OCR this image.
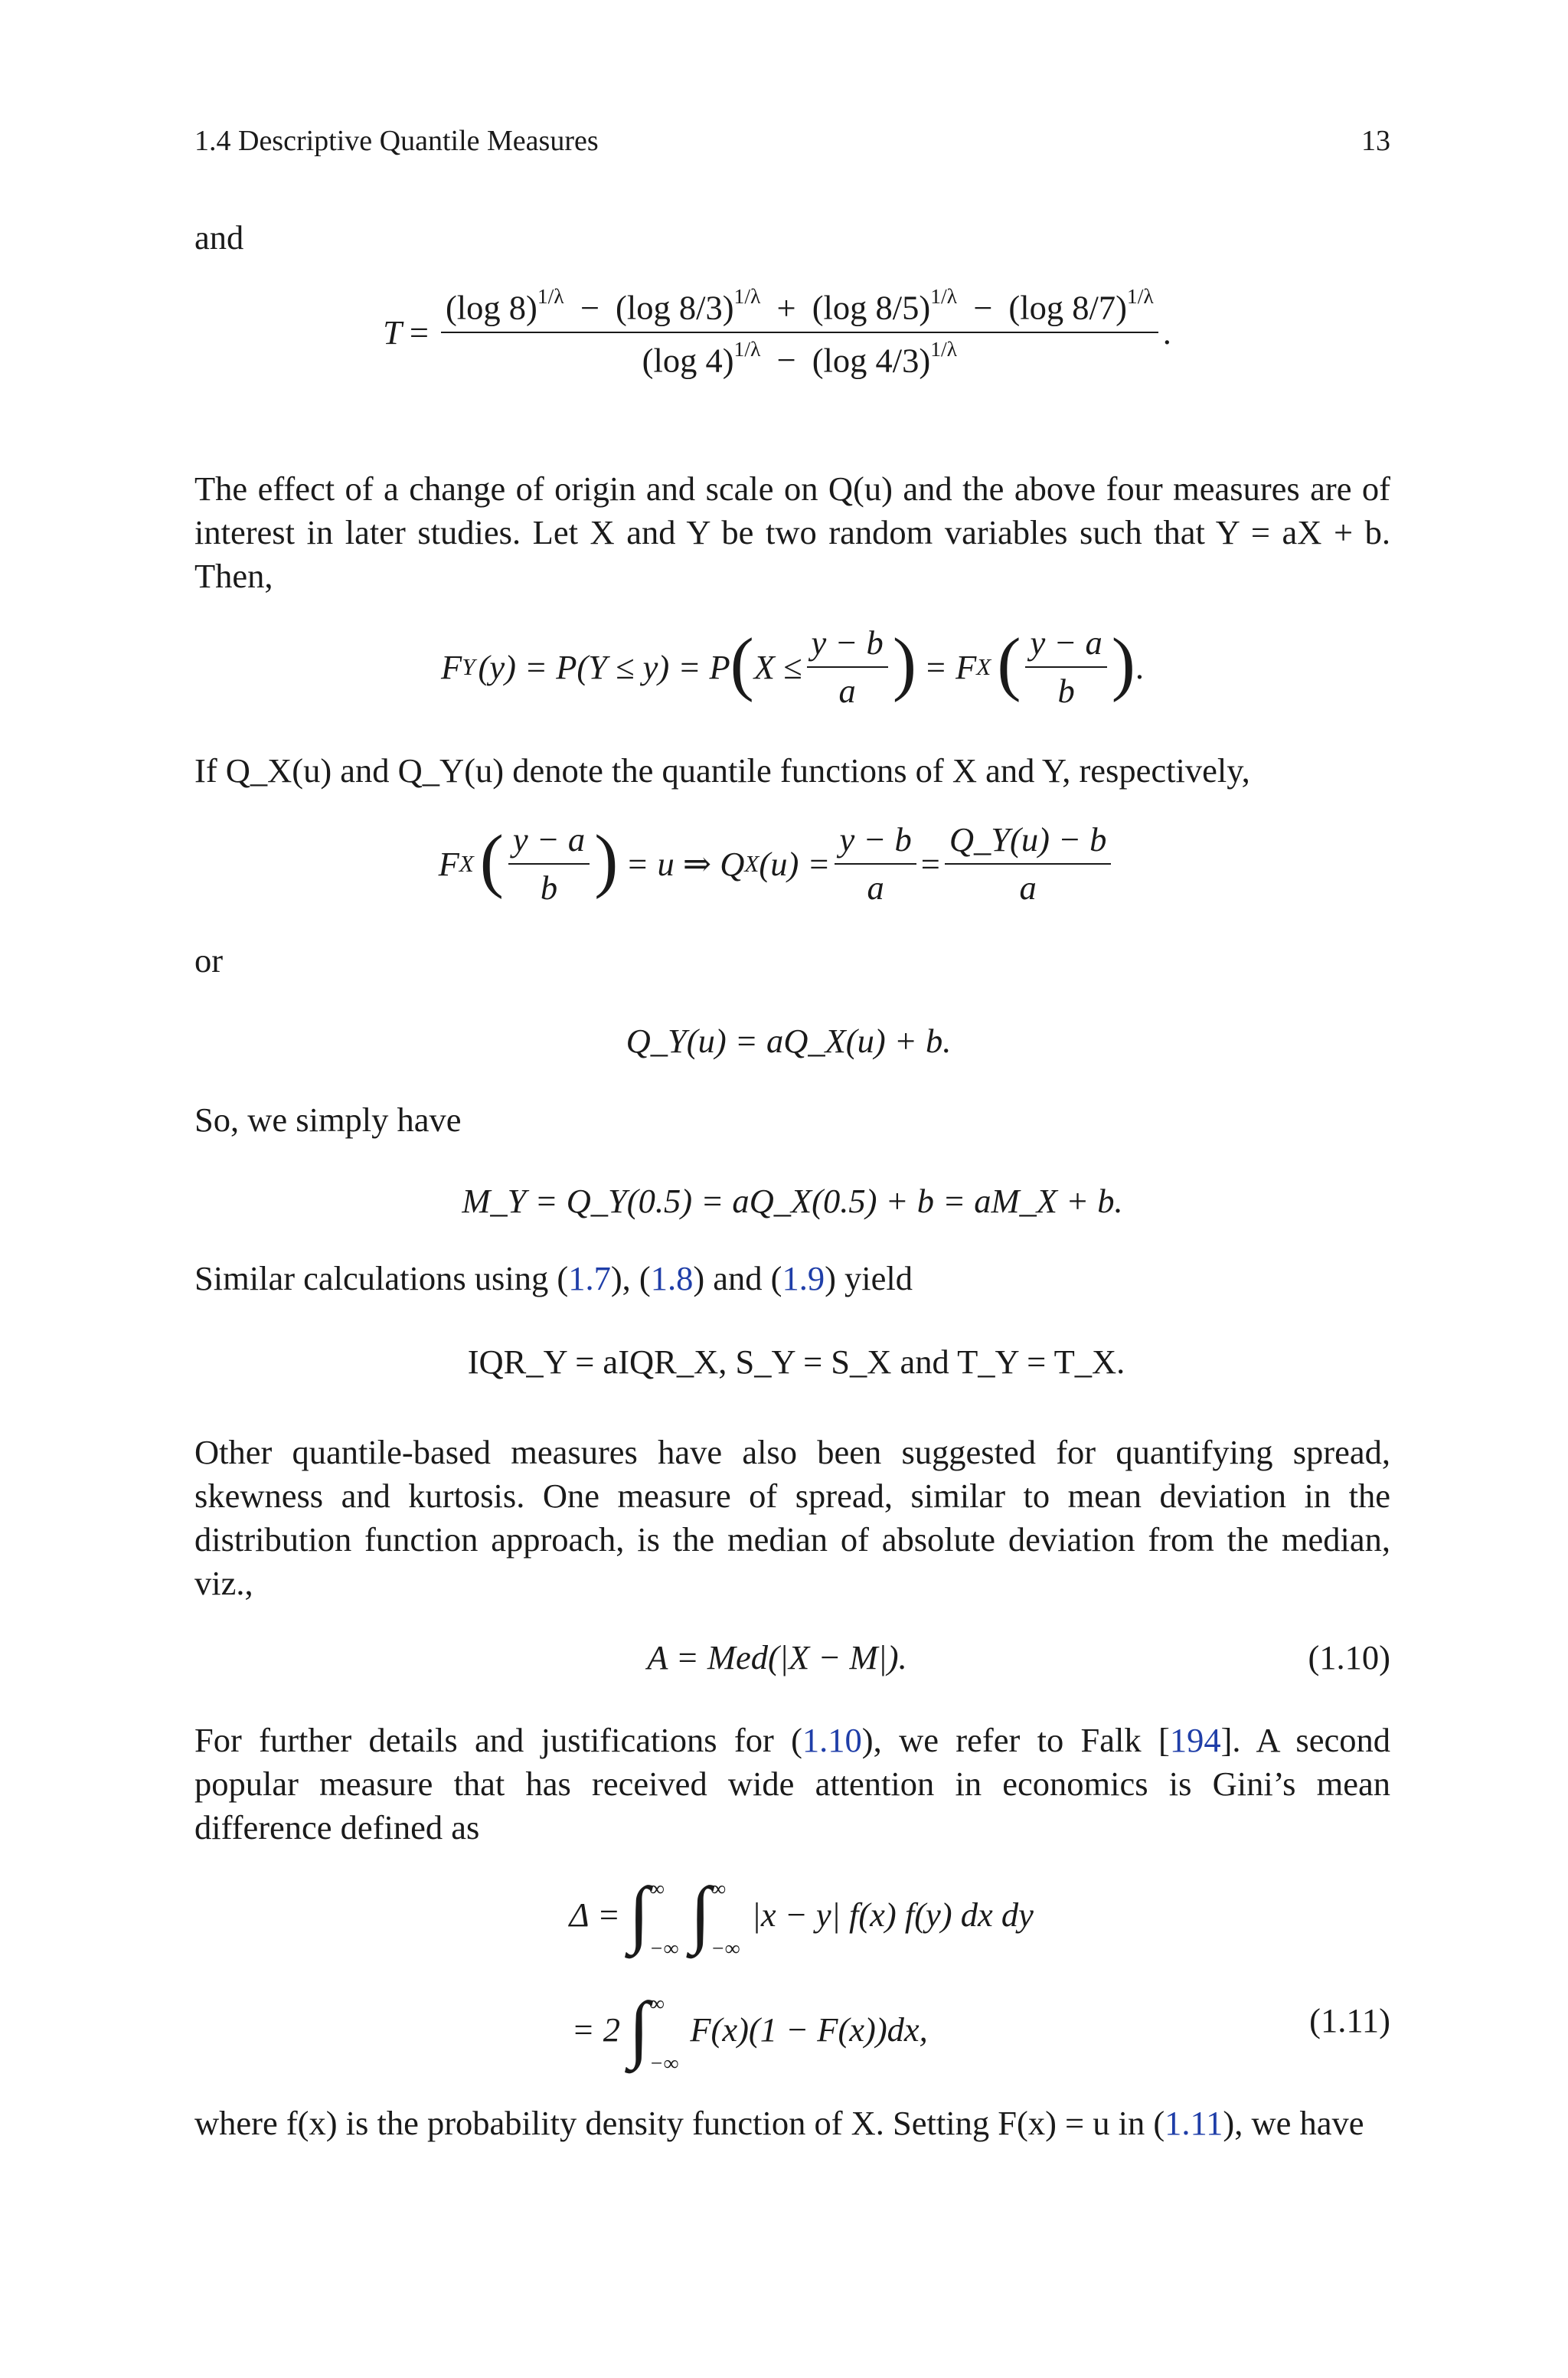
1.4 Descriptive Quantile Measures	13

and

T =
(log 8)$^{1/\lambda}$ − (log 8/3)$^{1/\lambda}$ + (log 8/5)$^{1/\lambda}$ − (log 8/7)$^{1/\lambda}$
(log 4)$^{1/\lambda}$ − (log 4/3)$^{1/\lambda}$	.

The effect of a change of origin and scale on Q(u) and the above four measures are of interest in later studies. Let X and Y be two random variables such that Y = aX + b. Then,

F Y (y) = P(Y ≤ y) = P ( $X \le \frac{y - b}{a}$ ) = F X ( $\frac{y - a}{b}$ ) .

If Q_X(u) and Q_Y(u) denote the quantile functions of X and Y, respectively,

F X ( $\frac{y - a}{b}$ ) = u ⇒ Q X $(u) = \frac{y - b}{a} = \frac{Q\_Y(u) - b}{a}$

or

Q_Y(u) = aQ_X(u) + b.

So, we simply have

M_Y = Q_Y(0.5) = aQ_X(0.5) + b = aM_X + b.

Similar calculations using (1.7), (1.8) and (1.9) yield

IQR_Y = aIQR_X, S_Y = S_X and T_Y = T_X.

Other quantile-based measures have also been suggested for quantifying spread, skewness and kurtosis. One measure of spread, similar to mean deviation in the distribution function approach, is the median of absolute deviation from the median, viz.,

A = Med(|X − M|).	(1.10)

For further details and justifications for (1.10), we refer to Falk [194]. A second popular measure that has received wide attention in economics is Gini’s mean difference defined as

Δ = ∫ ∞
−∞ ∫ ∞
−∞
|x − y| f(x) f(y) dx dy
= 2 ∫ ∞
−∞
F(x)(1 − F(x))dx,	(1.11)

where f(x) is the probability density function of X. Setting F(x) = u in (1.11), we have
